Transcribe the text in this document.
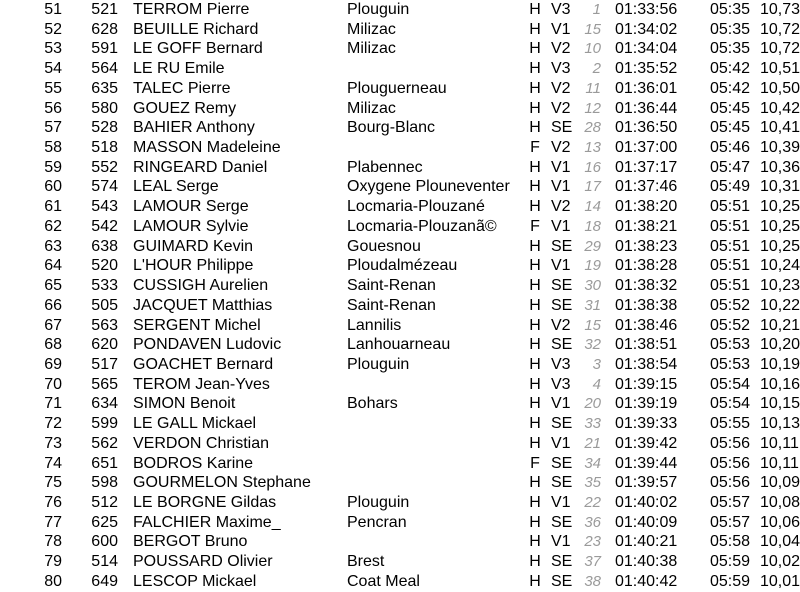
51	521 TERROM Pierre	Plouguin	H V3	1 01:33:56 05:35 10,73
52	628 BEUILLE Richard	Milizac	H V1 15 01:34:02 05:35 10,72
53	591 LE GOFF Bernard	Milizac	H V2 10 01:34:04 05:35 10,72
54	564 LE RU Emile	H V3	2 01:35:52 05:42 10,51
55	635 TALEC Pierre	Plouguerneau	H V2 11 01:36:01 05:42 10,50
56	580 GOUEZ Remy	Milizac	H V2 12 01:36:44 05:45 10,42
57	528 BAHIER Anthony	Bourg-Blanc	H SE 28 01:36:50 05:45 10,41
58	518 MASSON Madeleine	F V2 13 01:37:00 05:46 10,39
59	552 RINGEARD Daniel	Plabennec	H V1 16 01:37:17 05:47 10,36
60	574 LEAL Serge	Oxygene Plouneventer H V1 17 01:37:46 05:49 10,31
61	543 LAMOUR Serge	Locmaria-Plouzané	H V2 14 01:38:20 05:51 10,25
62	542 LAMOUR Sylvie	Locmaria-Plouzanã© F V1 18 01:38:21 05:51 10,25
63	638 GUIMARD Kevin	Gouesnou	H SE 29 01:38:23 05:51 10,25
64	520 L'HOUR Philippe	Ploudalmézeau	H V1 19 01:38:28 05:51 10,24
65	533 CUSSIGH Aurelien	Saint-Renan	H SE 30 01:38:32 05:51 10,23
66	505 JACQUET Matthias	Saint-Renan	H SE 31 01:38:38 05:52 10,22
67	563 SERGENT Michel	Lannilis	H V2 15 01:38:46 05:52 10,21
68	620 PONDAVEN Ludovic	Lanhouarneau	H SE 32 01:38:51 05:53 10,20
69	517 GOACHET Bernard	Plouguin	H V3	3 01:38:54 05:53 10,19
70	565 TEROM Jean-Yves	H V3	4 01:39:15 05:54 10,16
71	634 SIMON Benoit	Bohars	H V1 20 01:39:19 05:54 10,15
72	599 LE GALL Mickael	H SE 33 01:39:33 05:55 10,13
73	562 VERDON Christian	H V1 21 01:39:42 05:56 10,11
74	651 BODROS Karine	F SE 34 01:39:44 05:56 10,11
75	598 GOURMELON Stephane	H SE 35 01:39:57 05:56 10,09
76	512 LE BORGNE Gildas	Plouguin	H V1 22 01:40:02 05:57 10,08
77	625 FALCHIER Maxime_	Pencran	H SE 36 01:40:09 05:57 10,06
78	600 BERGOT Bruno	H V1 23 01:40:21 05:58 10,04
79	514 POUSSARD Olivier	Brest	H SE 37 01:40:38 05:59 10,02
80	649 LESCOP Mickael	Coat Meal	H SE 38 01:40:42 05:59 10,01
